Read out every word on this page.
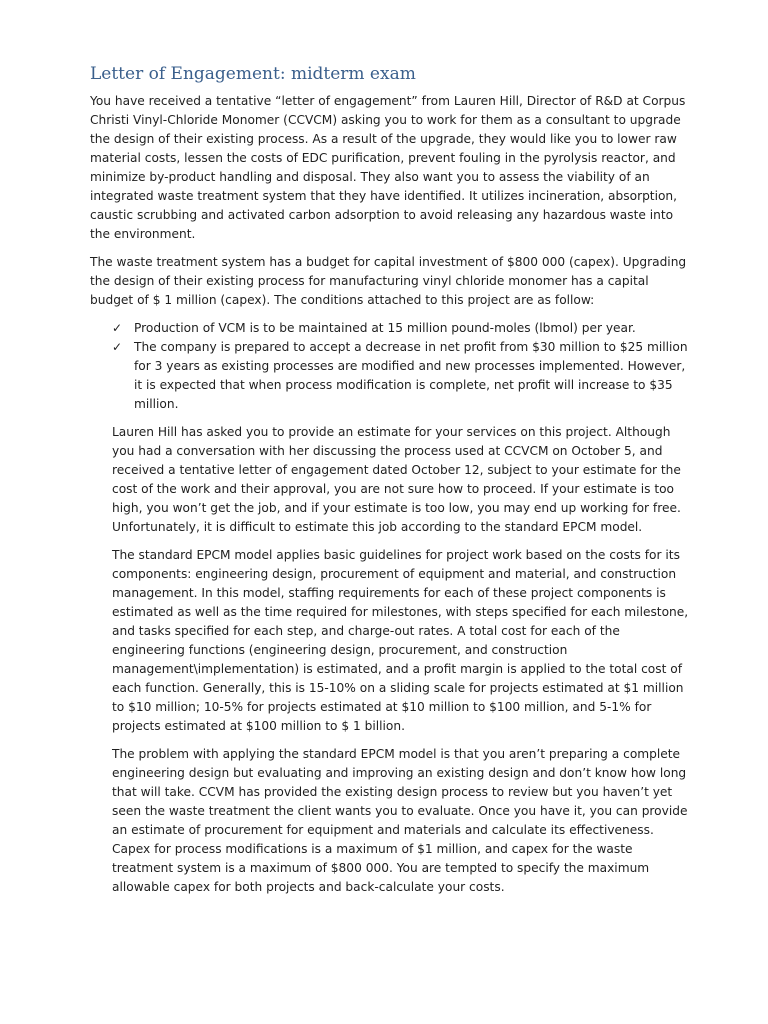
Letter of Engagement: midterm exam

You have received a tentative “letter of engagement” from Lauren Hill, Director of R&D at Corpus Christi Vinyl-Chloride Monomer (CCVCM) asking you to work for them as a consultant to upgrade the design of their existing process. As a result of the upgrade, they would like you to lower raw material costs, lessen the costs of EDC purification, prevent fouling in the pyrolysis reactor, and minimize by-product handling and disposal. They also want you to assess the viability of an integrated waste treatment system that they have identified. It utilizes incineration, absorption, caustic scrubbing and activated carbon adsorption to avoid releasing any hazardous waste into the environment.

The waste treatment system has a budget for capital investment of $800 000 (capex). Upgrading the design of their existing process for manufacturing vinyl chloride monomer has a capital budget of $ 1 million (capex). The conditions attached to this project are as follow:

✓ Production of VCM is to be maintained at 15 million pound-moles (lbmol) per year.
✓ The company is prepared to accept a decrease in net profit from $30 million to $25 million for 3 years as existing processes are modified and new processes implemented. However, it is expected that when process modification is complete, net profit will increase to $35 million.

Lauren Hill has asked you to provide an estimate for your services on this project. Although you had a conversation with her discussing the process used at CCVCM on October 5, and received a tentative letter of engagement dated October 12, subject to your estimate for the cost of the work and their approval, you are not sure how to proceed. If your estimate is too high, you won’t get the job, and if your estimate is too low, you may end up working for free. Unfortunately, it is difficult to estimate this job according to the standard EPCM model.

The standard EPCM model applies basic guidelines for project work based on the costs for its components: engineering design, procurement of equipment and material, and construction management. In this model, staffing requirements for each of these project components is estimated as well as the time required for milestones, with steps specified for each milestone, and tasks specified for each step, and charge-out rates. A total cost for each of the engineering functions (engineering design, procurement, and construction management\implementation) is estimated, and a profit margin is applied to the total cost of each function. Generally, this is 15-10% on a sliding scale for projects estimated at $1 million to $10 million; 10-5% for projects estimated at $10 million to $100 million, and 5-1% for projects estimated at $100 million to $ 1 billion.

The problem with applying the standard EPCM model is that you aren’t preparing a complete engineering design but evaluating and improving an existing design and don’t know how long that will take. CCVM has provided the existing design process to review but you haven’t yet seen the waste treatment the client wants you to evaluate. Once you have it, you can provide an estimate of procurement for equipment and materials and calculate its effectiveness. Capex for process modifications is a maximum of $1 million, and capex for the waste treatment system is a maximum of $800 000. You are tempted to specify the maximum allowable capex for both projects and back-calculate your costs.
